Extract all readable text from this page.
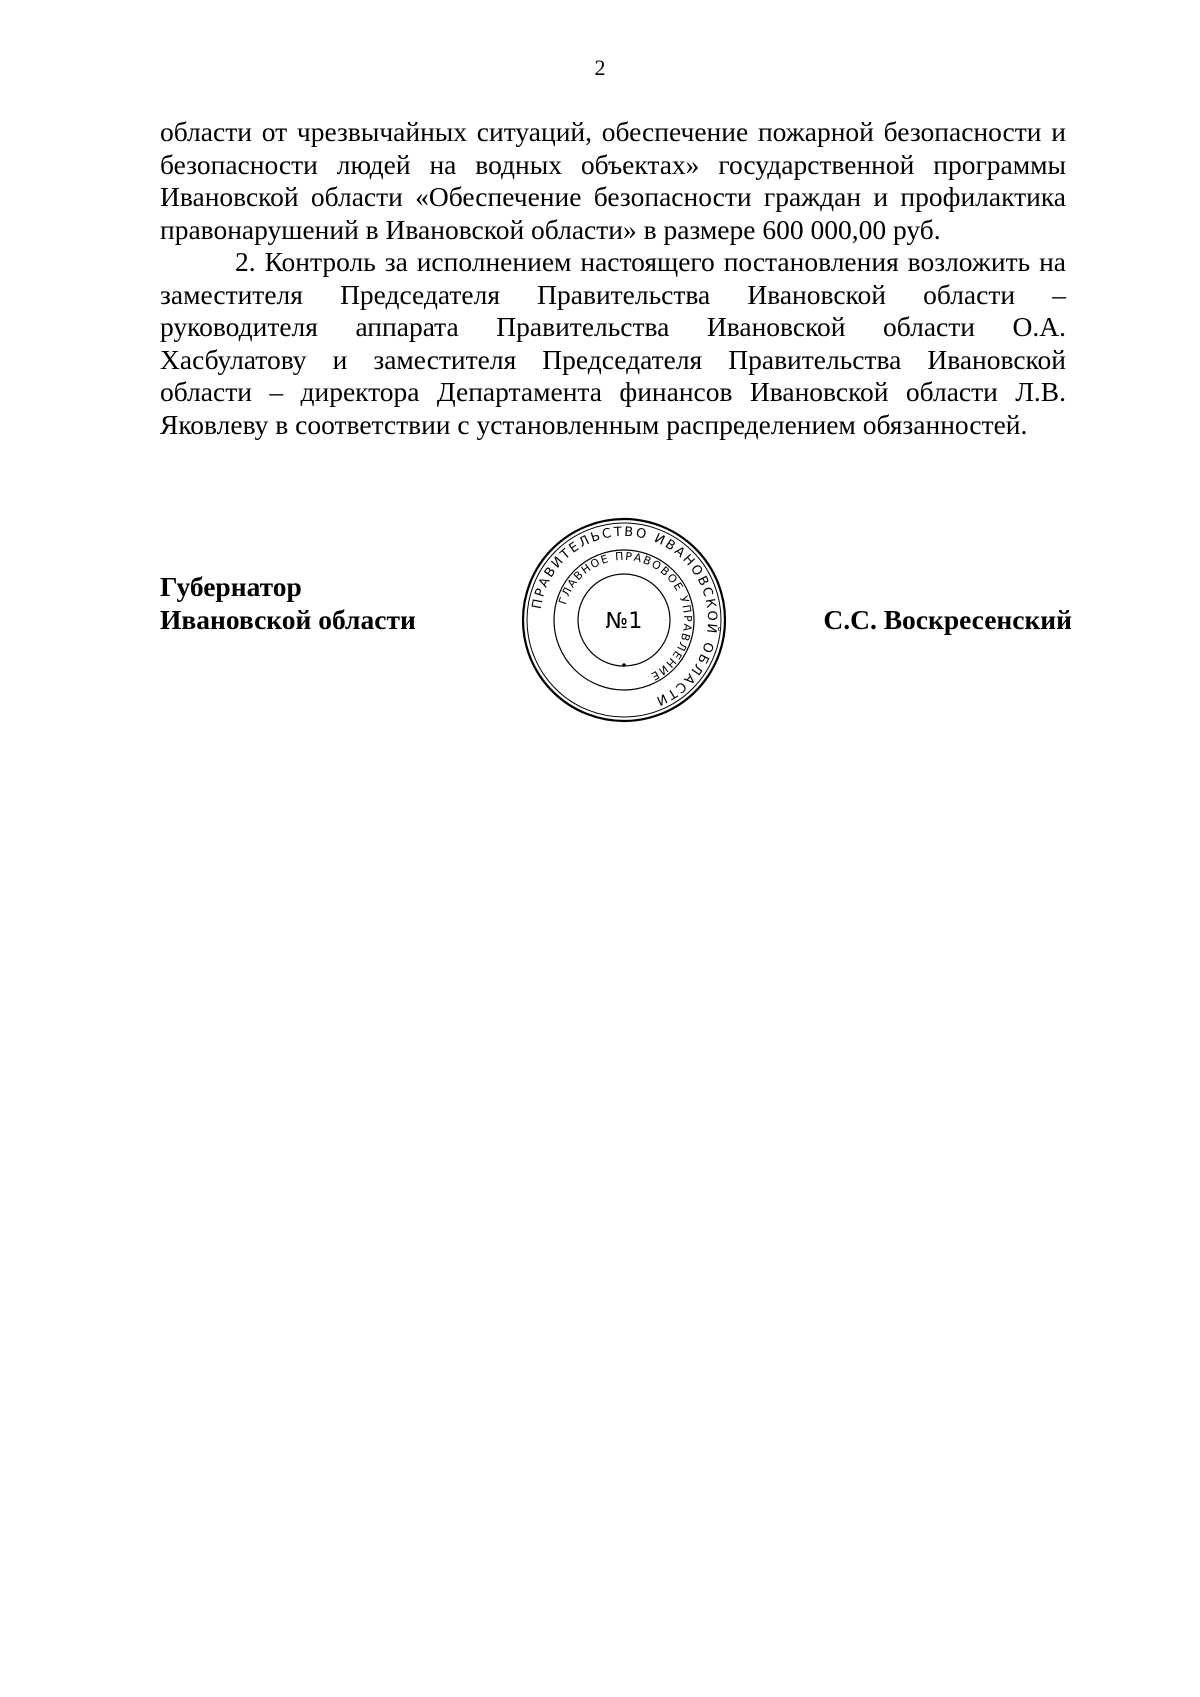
2

области от чрезвычайных ситуаций, обеспечение пожарной безопасности и безопасности людей на водных объектах» государственной программы Ивановской области «Обеспечение безопасности граждан и профилактика правонарушений в Ивановской области» в размере 600 000,00 руб.

2. Контроль за исполнением настоящего постановления возложить на заместителя Председателя Правительства Ивановской области – руководителя аппарата Правительства Ивановской области О.А. Хасбулатову и заместителя Председателя Правительства Ивановской области – директора Департамента финансов Ивановской области Л.В. Яковлеву в соответствии с установленным распределением обязанностей.

Губернатор
Ивановской области
ПРАВИТЕЛЬСТВО ИВАНОВСКОЙ ОБЛАСТИ
ГЛАВНОЕ ПРАВОВОЕ УПРАВЛЕНИЕ
№1	С.С. Воскресенский
